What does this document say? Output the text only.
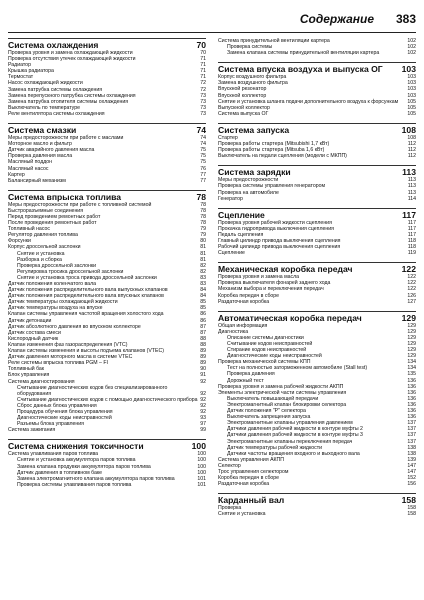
Содержание 383
Система охлаждения	70
Проверка уровня и замена охлаждающей жидкости	70
Проверка отсутствия утечек охлаждающей жидкости	71
Радиатор	71
Крышка радиатора	71
Термостат	71
Насос охлаждающей жидкости	72
Замена патрубка системы охлаждения	72
Замена перепускного патрубка системы охлаждения	73
Замена патрубка отопителя системы охлаждения	73
Выключатель по температуре	73
Реле вентилятора системы охлаждения	73
Система смазки	74
Меры предосторожности при работе с маслами	74
Моторное масло и фильтр	74
Датчик аварийного давления масла	75
Проверка давления масла	75
Масляный поддон	75
Масляный насос	76
Картер	77
Балансирный механизм	77
Система впрыска топлива	78
Меры предосторожности при работе с топливной системой	78
Быстроразъемные соединения	78
Перед проведением ремонтных работ	78
После проведения ремонтных работ	78
Топливный насос	79
Регулятор давления топлива	79
Форсунки	80
Корпус дроссельной заслонки	81
Снятие и установка	81
Разборка и сборка	81
Проверка дроссельной заслонки	82
Регулировка тросика дроссельной заслонки	82
Снятие и установка троса привода дроссельной заслонки	83
Датчик положения коленчатого вала	83
Датчик положения распределительного вала выпускных клапанов	84
Датчик положения распределительного вала впускных клапанов	84
Датчик температуры охлаждающей жидкости	85
Датчик температуры воздуха на впуске	85
Клапан системы управления частотой вращения холостого хода	86
Датчик детонации	86
Датчик абсолютного давления во впускном коллекторе	87
Датчик состава смеси	87
Кислородный датчик	88
Клапан изменения фаз газораспределения (VTC)	88
Клапан системы изменения и высоты подъема клапанов (VTEC)	89
Датчик давления моторного масла в системе VTEC	89
Реле системы впрыска топлива PGM – FI	89
Топливный бак	90
Блок управления	91
Система диагностирования	92
Считывание диагностических кодов без специализированного оборудования	92
Считывание диагностических кодов с помощью диагностического прибора 92
Сброс данных блока управления	92
Процедура обучения блока управления	92
Диагностические коды неисправностей	93
Разъемы блока управления	97
Система зажигания	99
Система снижения токсичности	100
Система улавливания паров топлива	100
Снятие и установка аккумулятора паров топлива	100
Замена клапана продувки аккумулятора паров топлива	100
Датчик давления в топливном баке	100
Замена электромагнитного клапана аккумулятора паров топлива	101
Проверка системы улавливания паров топлива	101
Система принудительной вентиляции картера	102
Проверка системы	102
Замена клапана системы принудительной вентиляции картера	102
Система впуска воздуха и выпуска ОГ	103
Корпус воздушного фильтра	103
Замена воздушного фильтра	103
Впускной резонатор	103
Впускной коллектор	103
Снятие и установка шланга подачи дополнительного воздуха к форсункам	105
Выпускной коллектор	105
Система выпуска ОГ	105
Система запуска	108
Стартер	108
Проверка работы стартера (Mitsubishi 1,7 кВт)	112
Проверка работы стартера (Mitsuba 1,6 кВт)	112
Выключатель на педали сцепления (модели с МКПП)	112
Система зарядки	113
Меры предосторожности	113
Проверка системы управления генератором	113
Проверка на автомобиле	113
Генератор	114
Сцепление	117
Проверка уровня рабочей жидкости сцепления	117
Прокачка гидропривода выключения сцепления	117
Педаль сцепления	117
Главный цилиндр привода выключения сцепления	118
Рабочий цилиндр привода выключения сцепления	118
Сцепление	119
Механическая коробка передач	122
Проверка уровня и замена масла	122
Проверка выключателя фонарей заднего хода	122
Механизм выбора и переключения передач	122
Коробка передач в сборе	126
Раздаточная коробка	127
Автоматическая коробка передач	129
Общая информация	129
Диагностика	129
Описание системы диагностики	129
Считывание кодов неисправностей	129
Стирание кодов неисправностей	129
Диагностические коды неисправностей	129
Проверка механической системы КПП	134
Тест на полностью заторможенном автомобиле (Stall test)	134
Проверка давления	135
Дорожный тест	136
Проверка уровня и замена рабочей жидкости АКПП	136
Элементы электрической части системы управления	136
Выключатель повышающей передачи	136
Электромагнитный клапан блокировки селектора	136
Датчик положения "P" селектора	136
Выключатель запрещения запуска	136
Электромагнитные клапаны управления давлением	137
Датчики давления рабочей жидкости в контуре муфты 2	137
Датчики давления рабочей жидкости в контуре муфты 3	137
Электромагнитные клапаны переключения передач	137
Датчик температуры рабочей жидкости	138
Датчики частоты вращения входного и выходного вала	138
Система управления АКПП	139
Селектор	147
Трос управления селектором	147
Коробка передач в сборе	152
Раздаточная коробка	156
Карданный вал	158
Проверка	158
Снятие и установка	158
